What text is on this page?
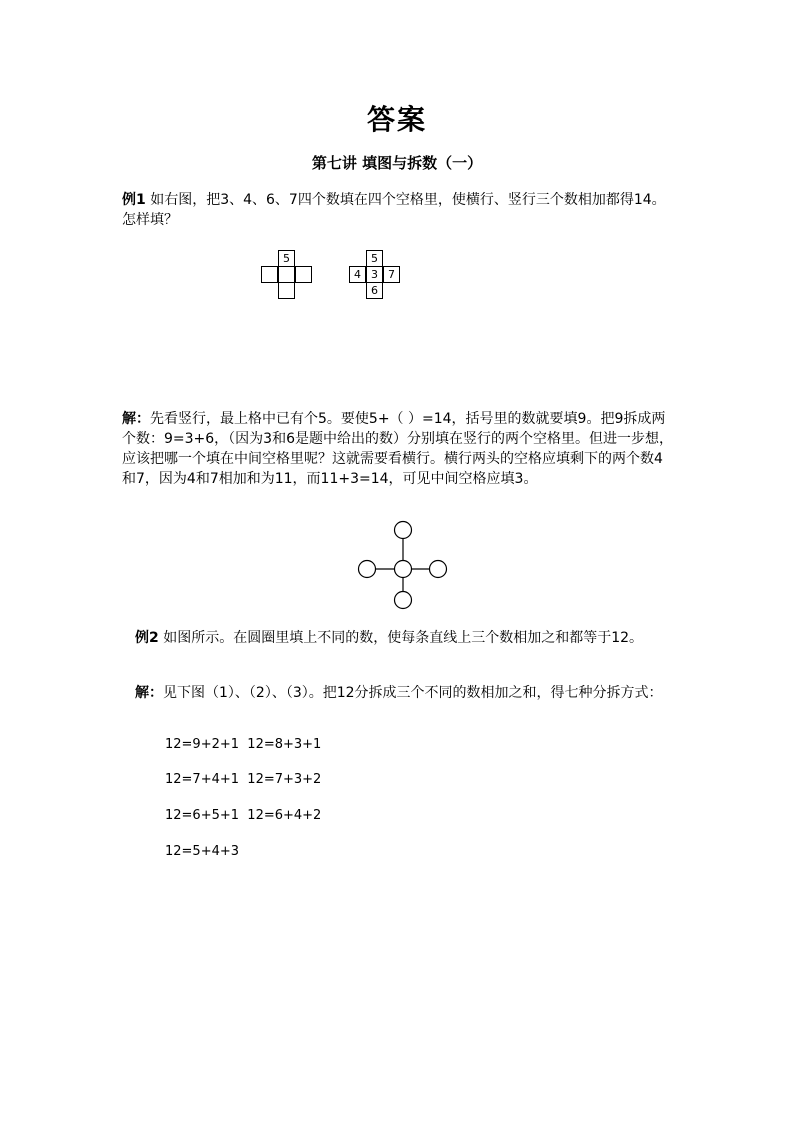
答案
第七讲 填图与拆数（一）
例1 如右图，把3、4、6、7四个数填在四个空格里，使横行、竖行三个数相加都得14。怎样填？
5	5
4 3 7
6
解：先看竖行，最上格中已有个5。要使5+（ ）=14，括号里的数就要填9。把9拆成两个数：9=3+6，（因为3和6是题中给出的数）分别填在竖行的两个空格里。但进一步想，应该把哪一个填在中间空格里呢？这就需要看横行。横行两头的空格应填剩下的两个数4和7，因为4和7相加和为11，而11+3=14，可见中间空格应填3。
例2 如图所示。在圆圈里填上不同的数，使每条直线上三个数相加之和都等于12。
解：见下图（1）、（2）、（3）。把12分拆成三个不同的数相加之和，得七种分拆方式：
12=9+2+1  12=8+3+1
12=7+4+1  12=7+3+2
12=6+5+1  12=6+4+2
12=5+4+3
